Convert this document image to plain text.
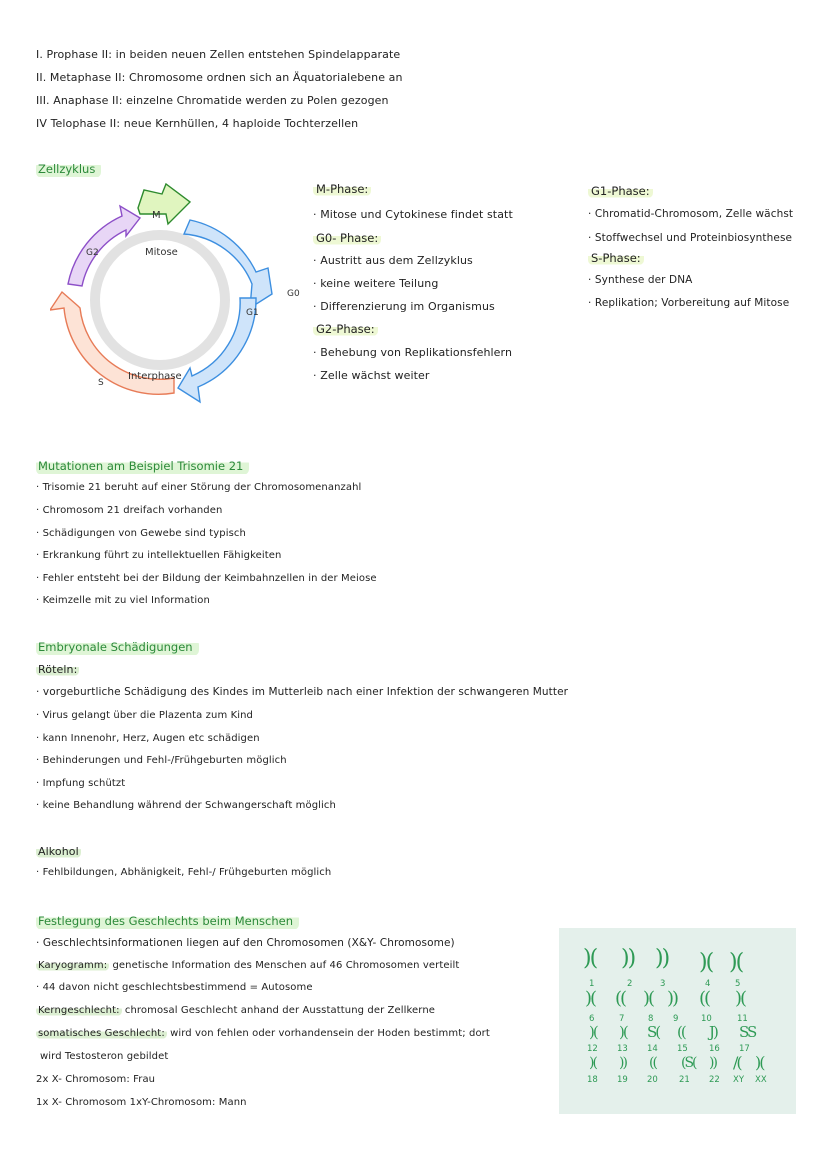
I. Prophase II: in beiden neuen Zellen entstehen Spindelapparate
II. Metaphase II: Chromosome ordnen sich an Äquatorialebene an
III. Anaphase II: einzelne Chromatide werden zu Polen gezogen
IV Telophase II: neue Kernhüllen, 4 haploide Tochterzellen
Zellzyklus
M
G2	Mitose
G1
G0
Interphase
S
M-Phase:
· Mitose und Cytokinese findet statt
G0- Phase:
· Austritt aus dem Zellzyklus
· keine weitere Teilung
· Differenzierung im Organismus
G2-Phase:
· Behebung von Replikationsfehlern
· Zelle wächst weiter
G1-Phase:
· Chromatid-Chromosom, Zelle wächst
· Stoffwechsel und Proteinbiosynthese
S-Phase:
· Synthese der DNA
· Replikation; Vorbereitung auf Mitose
Mutationen am Beispiel Trisomie 21
· Trisomie 21 beruht auf einer Störung der Chromosomenanzahl
· Chromosom 21 dreifach vorhanden
· Schädigungen von Gewebe sind typisch
· Erkrankung führt zu intellektuellen Fähigkeiten
· Fehler entsteht bei der Bildung der Keimbahnzellen in der Meiose
· Keimzelle mit zu viel Information
Embryonale Schädigungen
Röteln:
· vorgeburtliche Schädigung des Kindes im Mutterleib nach einer Infektion der schwangeren Mutter
· Virus gelangt über die Plazenta zum Kind
· kann Innenohr, Herz, Augen etc schädigen
· Behinderungen und Fehl-/Frühgeburten möglich
· Impfung schützt
· keine Behandlung während der Schwangerschaft möglich
Alkohol
· Fehlbildungen, Abhänigkeit, Fehl-/ Frühgeburten möglich
Festlegung des Geschlechts beim Menschen
· Geschlechtsinformationen liegen auf den Chromosomen (X&Y- Chromosome)
Karyogramm: genetische Information des Menschen auf 46 Chromosomen verteilt
· 44 davon nicht geschlechtsbestimmend = Autosome
Kerngeschlecht: chromosal Geschlecht anhand der Ausstattung der Zellkerne
somatisches Geschlecht: wird von fehlen oder vorhandensein der Hoden bestimmt; dort
wird Testosteron gebildet
2x X- Chromosom: Frau
1x X- Chromosom 1xY-Chromosom: Mann
)( )) )) )( )(
1	2	3	4	5
)( (( )( )) (( )(
6	7	8 9	10	11
)( )( S( (( J) SS
12 13 14 15 16 17
)( )) (( (S( )) /( )(
18 19 20 21 22 XY XX
